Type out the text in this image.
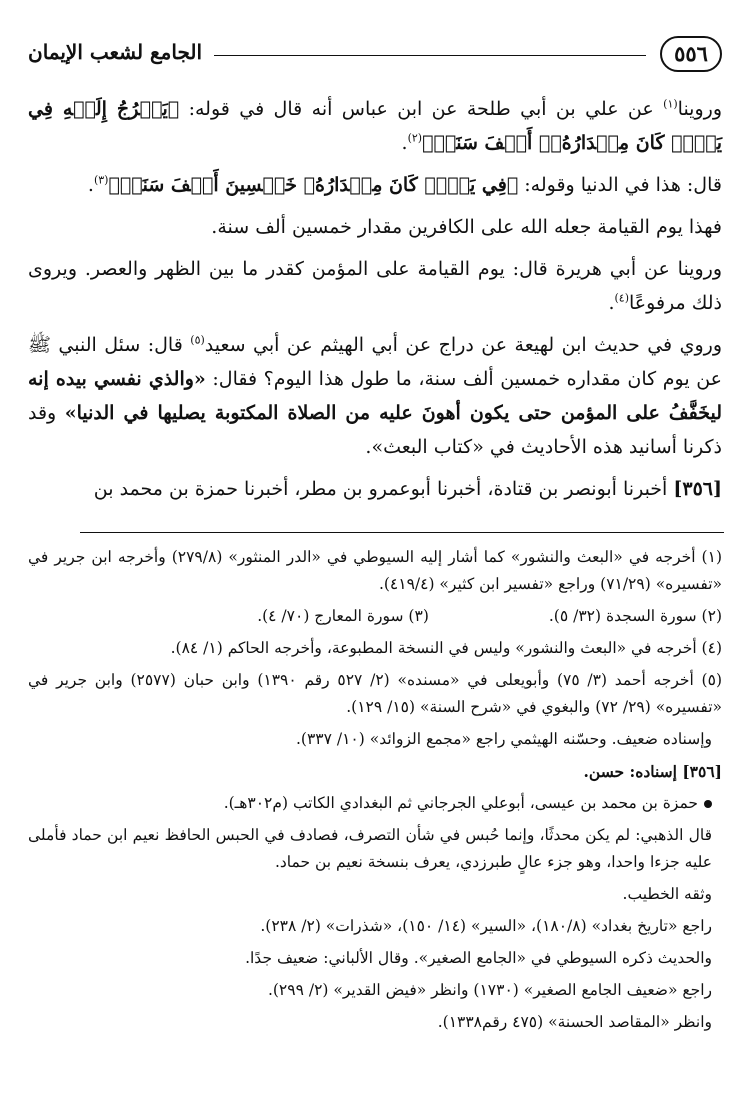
٥٥٦
الجامع لشعب الإيمان

وروينا$^{(١)}$ عن علي بن أبي طلحة عن ابن عباس أنه قال في قوله: ﴿يَعۡرُجُ إِلَيۡهِ فِي يَوۡمٖ كَانَ مِقۡدَارُهُۥٓ أَلۡفَ سَنَةٖ﴾$^{(٢)}$.

قال: هذا في الدنيا وقوله: ﴿فِي يَوۡمٖ كَانَ مِقۡدَارُهُۥ خَمۡسِينَ أَلۡفَ سَنَةٖ﴾$^{(٣)}$.

فهذا يوم القيامة جعله الله على الكافرين مقدار خمسين ألف سنة.

وروينا عن أبي هريرة قال: يوم القيامة على المؤمن كقدر ما بين الظهر والعصر. ويروى ذلك مرفوعًا$^{(٤)}$.

وروي في حديث ابن لهيعة عن دراج عن أبي الهيثم عن أبي سعيد$^{(٥)}$ قال: سئل النبي ﷺ عن يوم كان مقداره خمسين ألف سنة، ما طول هذا اليوم؟ فقال: «والذي نفسي بيده إنه ليخَفَّفُ على المؤمن حتى يكون أهونَ عليه من الصلاة المكتوبة يصليها في الدنيا» وقد ذكرنا أسانيد هذه الأحاديث في «كتاب البعث».

[٣٥٦] أخبرنا أبونصر بن قتادة، أخبرنا أبوعمرو بن مطر، أخبرنا حمزة بن محمد بن

(١) أخرجه في «البعث والنشور» كما أشار إليه السيوطي في «الدر المنثور» (٢٧٩/٨) وأخرجه ابن جرير في «تفسيره» (٧١/٢٩) وراجع «تفسير ابن كثير» (٤١٩/٤).

(٢) سورة السجدة (٣٢/ ٥).
(٣) سورة المعارج (٧٠/ ٤).

(٤) أخرجه في «البعث والنشور» وليس في النسخة المطبوعة، وأخرجه الحاكم (١/ ٨٤).

(٥) أخرجه أحمد (٣/ ٧٥) وأبويعلى في «مسنده» (٢/ ٥٢٧ رقم ١٣٩٠) وابن حبان (٢٥٧٧) وابن جرير في «تفسيره» (٢٩/ ٧٢) والبغوي في «شرح السنة» (١٥/ ١٢٩).

وإسناده ضعيف. وحسّنه الهيثمي راجع «مجمع الزوائد» (١٠/ ٣٣٧).

[٣٥٦] إسناده: حسن.

حمزة بن محمد بن عيسى، أبوعلي الجرجاني ثم البغدادي الكاتب (م٣٠٢هـ).

قال الذهبي: لم يكن محدثًا، وإنما حُبس في شأن التصرف، فصادف في الحبس الحافظ نعيم ابن حماد فأملى عليه جزءا واحدا، وهو جزء عالٍ طبرزدي، يعرف بنسخة نعيم بن حماد.

وثقه الخطيب.

راجع «تاريخ بغداد» (١٨٠/٨)، «السير» (١٤/ ١٥٠)، «شذرات» (٢/ ٢٣٨).

والحديث ذكره السيوطي في «الجامع الصغير». وقال الألباني: ضعيف جدًا.

راجع «ضعيف الجامع الصغير» (١٧٣٠) وانظر «فيض القدير» (٢/ ٢٩٩).

وانظر «المقاصد الحسنة» (٤٧٥ رقم١٣٣٨).
